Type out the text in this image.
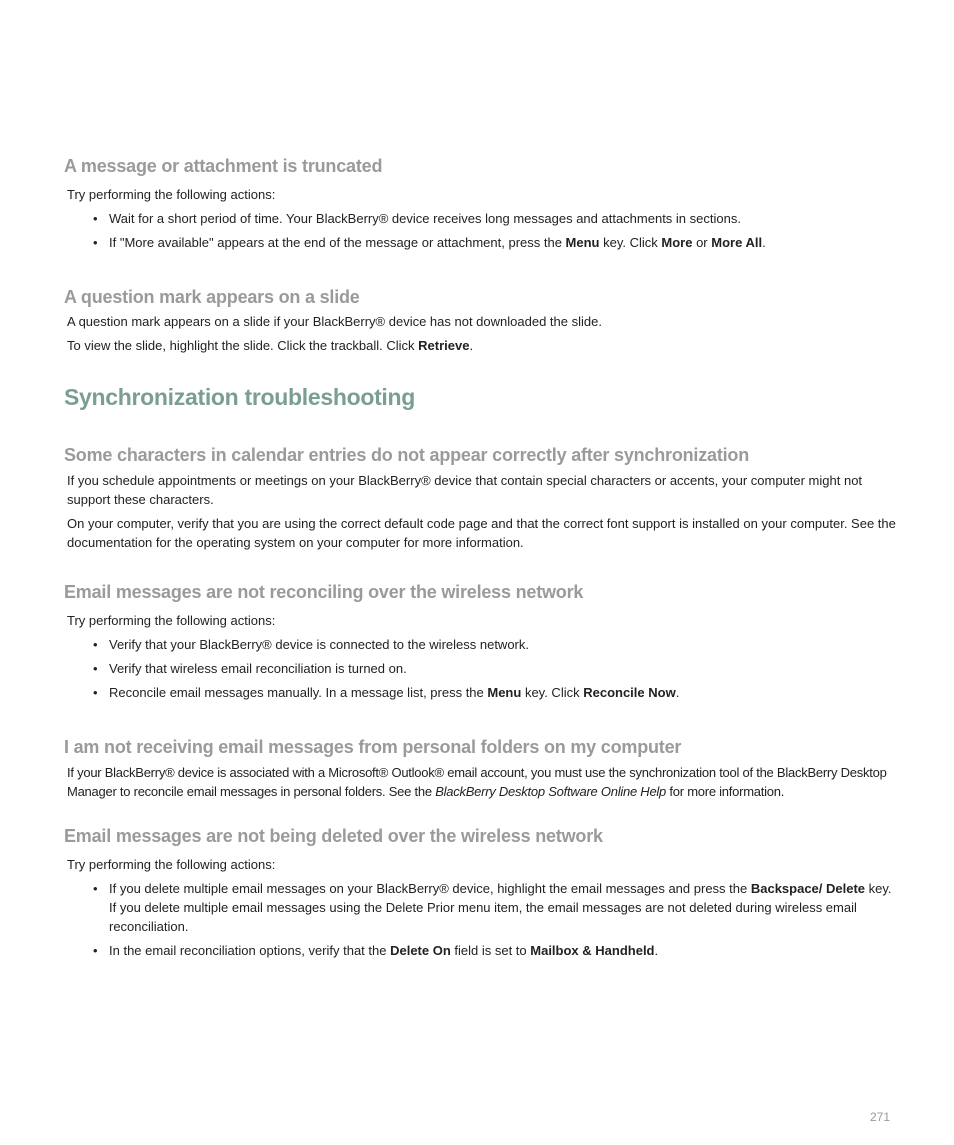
A message or attachment is truncated

Try performing the following actions:

• Wait for a short period of time. Your BlackBerry® device receives long messages and attachments in sections.
• If "More available" appears at the end of the message or attachment, press the Menu key. Click More or More All.
A question mark appears on a slide

A question mark appears on a slide if your BlackBerry® device has not downloaded the slide.

To view the slide, highlight the slide. Click the trackball. Click Retrieve.

Synchronization troubleshooting
Some characters in calendar entries do not appear correctly after synchronization

If you schedule appointments or meetings on your BlackBerry® device that contain special characters or accents, your computer might not support these characters.

On your computer, verify that you are using the correct default code page and that the correct font support is installed on your computer. See the documentation for the operating system on your computer for more information.

Email messages are not reconciling over the wireless network

Try performing the following actions:

• Verify that your BlackBerry® device is connected to the wireless network.
• Verify that wireless email reconciliation is turned on.
• Reconcile email messages manually. In a message list, press the Menu key. Click Reconcile Now.
I am not receiving email messages from personal folders on my computer

If your BlackBerry® device is associated with a Microsoft® Outlook® email account, you must use the synchronization tool of the BlackBerry Desktop Manager to reconcile email messages in personal folders. See the BlackBerry Desktop Software Online Help for more information.

Email messages are not being deleted over the wireless network

Try performing the following actions:

• If you delete multiple email messages on your BlackBerry® device, highlight the email messages and press the Backspace/ Delete key. If you delete multiple email messages using the Delete Prior menu item, the email messages are not deleted during wireless email reconciliation.
• In the email reconciliation options, verify that the Delete On field is set to Mailbox & Handheld.
271
